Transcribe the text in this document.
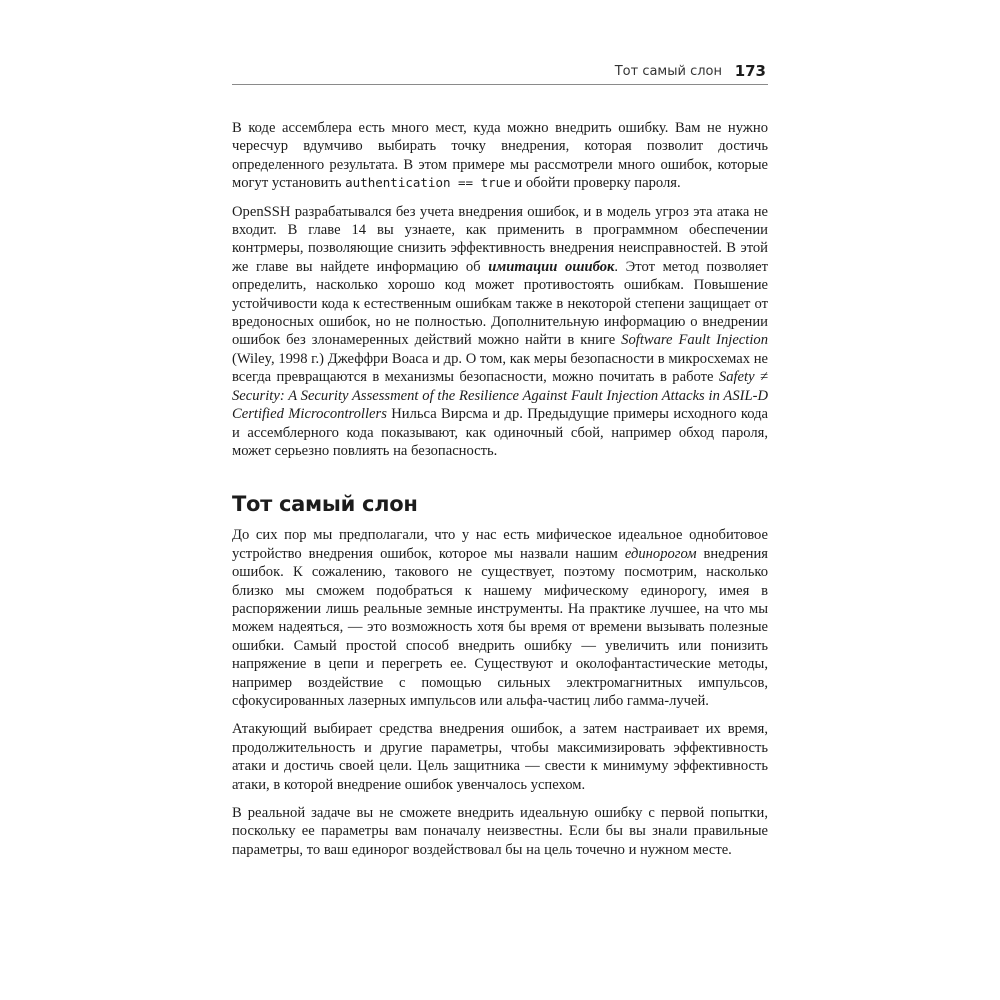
Тот самый слон 173

В коде ассемблера есть много мест, куда можно внедрить ошибку. Вам не нужно чересчур вдумчиво выбирать точку внедрения, которая позволит достичь определенного результата. В этом примере мы рассмотрели много ошибок, которые могут установить authentication == true и обойти проверку пароля.

OpenSSH разрабатывался без учета внедрения ошибок, и в модель угроз эта атака не входит. В главе 14 вы узнаете, как применить в программном обеспечении контрмеры, позволяющие снизить эффективность внедрения неисправностей. В этой же главе вы найдете информацию об имитации ошибок. Этот метод позволяет определить, насколько хорошо код может противостоять ошибкам. Повышение устойчивости кода к естественным ошибкам также в некоторой степени защищает от вредоносных ошибок, но не полностью. Дополнительную информацию о внедрении ошибок без злонамеренных действий можно найти в книге Software Fault Injection (Wiley, 1998 г.) Джеффри Воаса и др. О том, как меры безопасности в микросхемах не всегда превращаются в механизмы безопасности, можно почитать в работе Safety ≠ Security: A Security Assessment of the Resilience Against Fault Injection Attacks in ASIL-D Certified Microcontrollers Нильса Вирсма и др. Предыдущие примеры исходного кода и ассемблерного кода показывают, как одиночный сбой, например обход пароля, может серьезно повлиять на безопасность.

Тот самый слон

До сих пор мы предполагали, что у нас есть мифическое идеальное однобитовое устройство внедрения ошибок, которое мы назвали нашим единорогом внедрения ошибок. К сожалению, такового не существует, поэтому посмотрим, насколько близко мы сможем подобраться к нашему мифическому единорогу, имея в распоряжении лишь реальные земные инструменты. На практике лучшее, на что мы можем надеяться, — это возможность хотя бы время от времени вызывать полезные ошибки. Самый простой способ внедрить ошибку — увеличить или понизить напряжение в цепи и перегреть ее. Существуют и околофантастические методы, например воздействие с помощью сильных электромагнитных импульсов, сфокусированных лазерных импульсов или альфа-частиц либо гамма-лучей.

Атакующий выбирает средства внедрения ошибок, а затем настраивает их время, продолжительность и другие параметры, чтобы максимизировать эффективность атаки и достичь своей цели. Цель защитника — свести к минимуму эффективность атаки, в которой внедрение ошибок увенчалось успехом.

В реальной задаче вы не сможете внедрить идеальную ошибку с первой попытки, поскольку ее параметры вам поначалу неизвестны. Если бы вы знали правильные параметры, то ваш единорог воздействовал бы на цель точечно и нужном месте.
